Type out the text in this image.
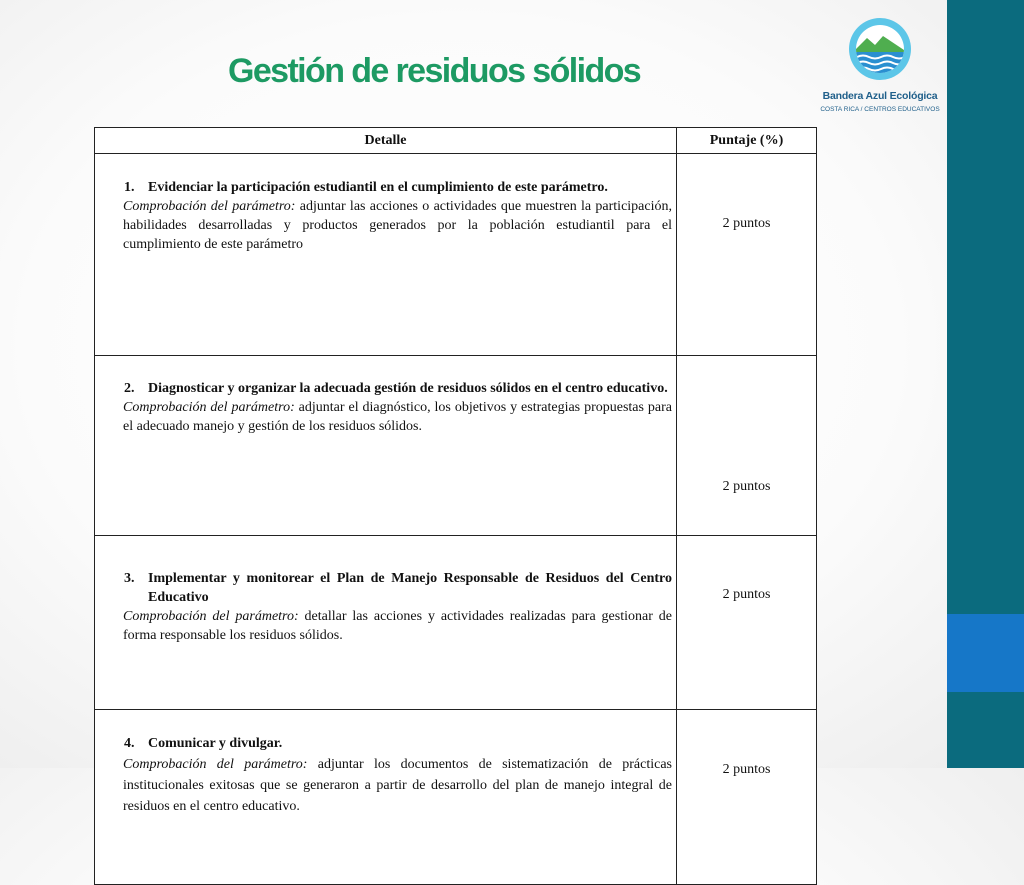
Gestión de residuos sólidos
Bandera Azul Ecológica
COSTA RICA / CENTROS EDUCATIVOS
Detalle	Puntaje (%)

1. Evidenciar la participación estudiantil en el cumplimiento de este parámetro.
Comprobación del parámetro: adjuntar las acciones o actividades que muestren la participación, habilidades desarrolladas y productos generados por la población estudiantil para el cumplimiento de este parámetro	2 puntos

2. Diagnosticar y organizar la adecuada gestión de residuos sólidos en el centro educativo.
Comprobación del parámetro: adjuntar el diagnóstico, los objetivos y estrategias propuestas para el adecuado manejo y gestión de los residuos sólidos.	2 puntos

3. Implementar y monitorear el Plan de Manejo Responsable de Residuos del Centro Educativo
Comprobación del parámetro: detallar las acciones y actividades realizadas para gestionar de forma responsable los residuos sólidos.	2 puntos

4. Comunicar y divulgar.
Comprobación del parámetro: adjuntar los documentos de sistematización de prácticas institucionales exitosas que se generaron a partir de desarrollo del plan de manejo integral de residuos en el centro educativo.	2 puntos
